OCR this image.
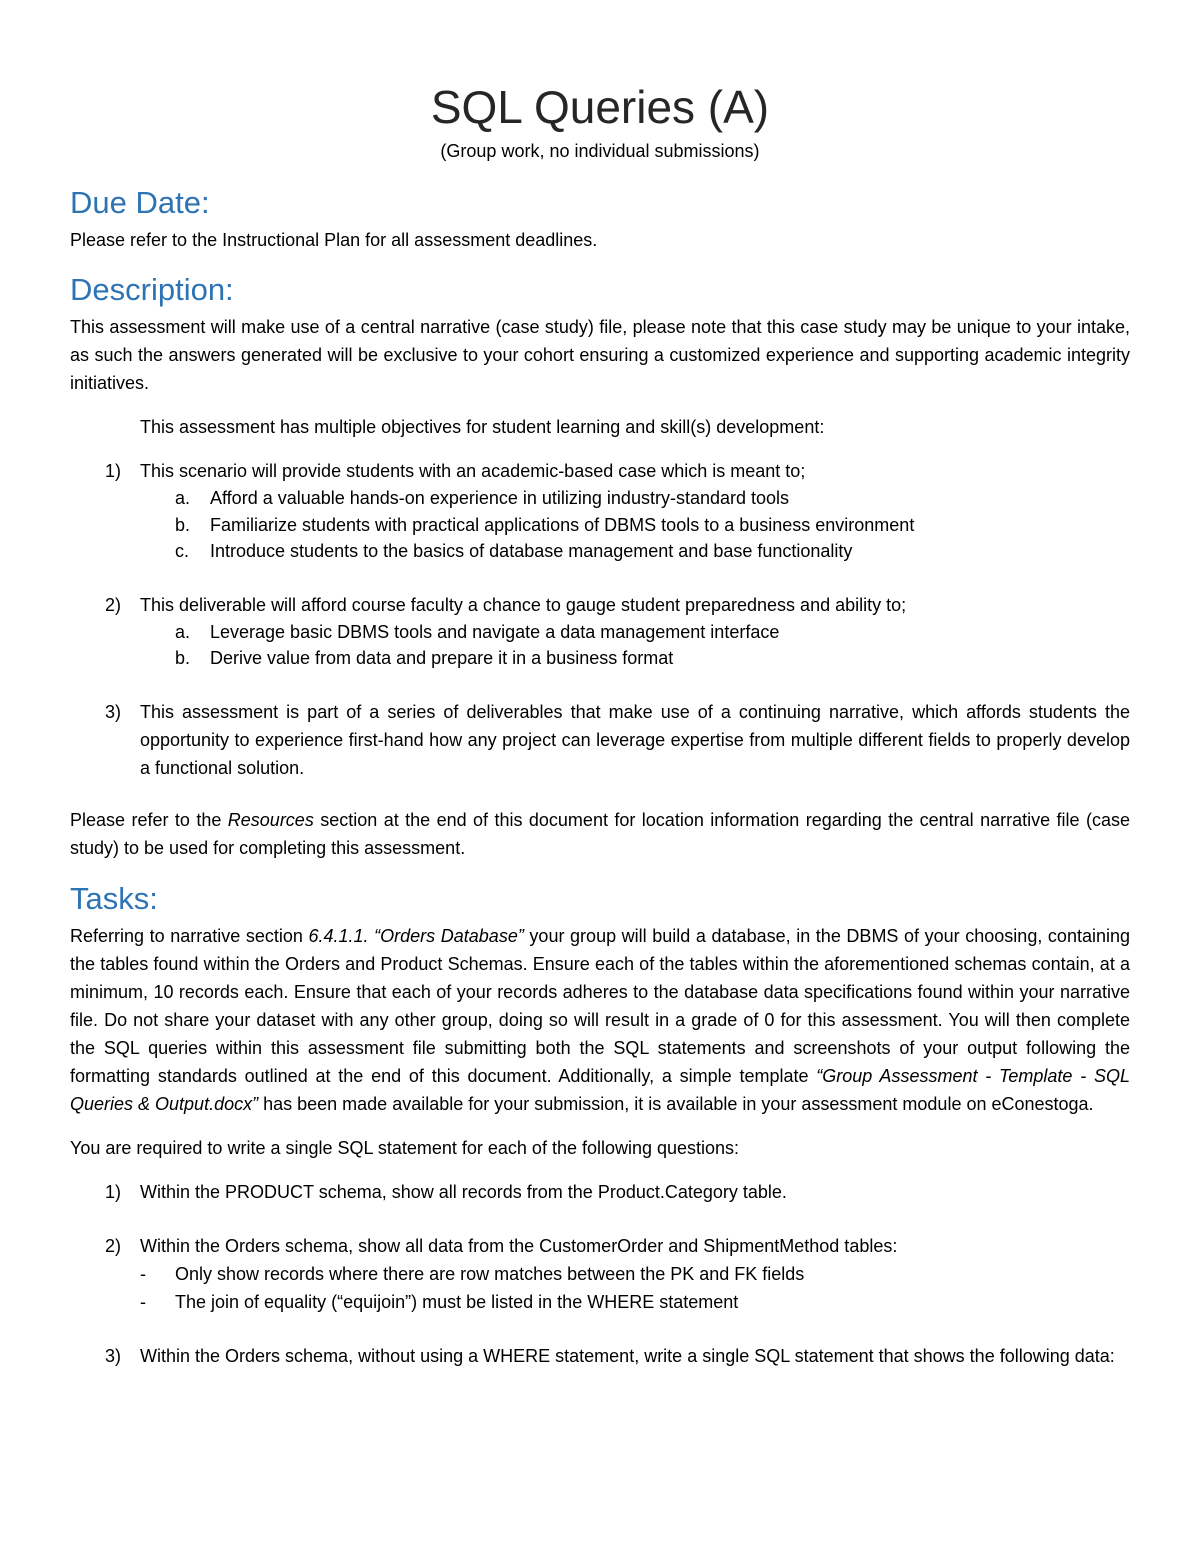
SQL Queries (A)

(Group work, no individual submissions)

Due Date:

Please refer to the Instructional Plan for all assessment deadlines.

Description:

This assessment will make use of a central narrative (case study) file, please note that this case study may be unique to your intake, as such the answers generated will be exclusive to your cohort ensuring a customized experience and supporting academic integrity initiatives.

This assessment has multiple objectives for student learning and skill(s) development:

1) This scenario will provide students with an academic-based case which is meant to;
a. Afford a valuable hands-on experience in utilizing industry-standard tools
b. Familiarize students with practical applications of DBMS tools to a business environment
c. Introduce students to the basics of database management and base functionality
2) This deliverable will afford course faculty a chance to gauge student preparedness and ability to;
a. Leverage basic DBMS tools and navigate a data management interface
b. Derive value from data and prepare it in a business format
3) This assessment is part of a series of deliverables that make use of a continuing narrative, which affords students the opportunity to experience first-hand how any project can leverage expertise from multiple different fields to properly develop a functional solution.

Please refer to the Resources section at the end of this document for location information regarding the central narrative file (case study) to be used for completing this assessment.

Tasks:

Referring to narrative section 6.4.1.1. “Orders Database” your group will build a database, in the DBMS of your choosing, containing the tables found within the Orders and Product Schemas. Ensure each of the tables within the aforementioned schemas contain, at a minimum, 10 records each. Ensure that each of your records adheres to the database data specifications found within your narrative file. Do not share your dataset with any other group, doing so will result in a grade of 0 for this assessment. You will then complete the SQL queries within this assessment file submitting both the SQL statements and screenshots of your output following the formatting standards outlined at the end of this document. Additionally, a simple template “Group Assessment - Template - SQL Queries & Output.docx” has been made available for your submission, it is available in your assessment module on eConestoga.

You are required to write a single SQL statement for each of the following questions:

1) Within the PRODUCT schema, show all records from the Product.Category table.
2) Within the Orders schema, show all data from the CustomerOrder and ShipmentMethod tables:
- Only show records where there are row matches between the PK and FK fields
- The join of equality (“equijoin”) must be listed in the WHERE statement
3) Within the Orders schema, without using a WHERE statement, write a single SQL statement that shows the following data:
